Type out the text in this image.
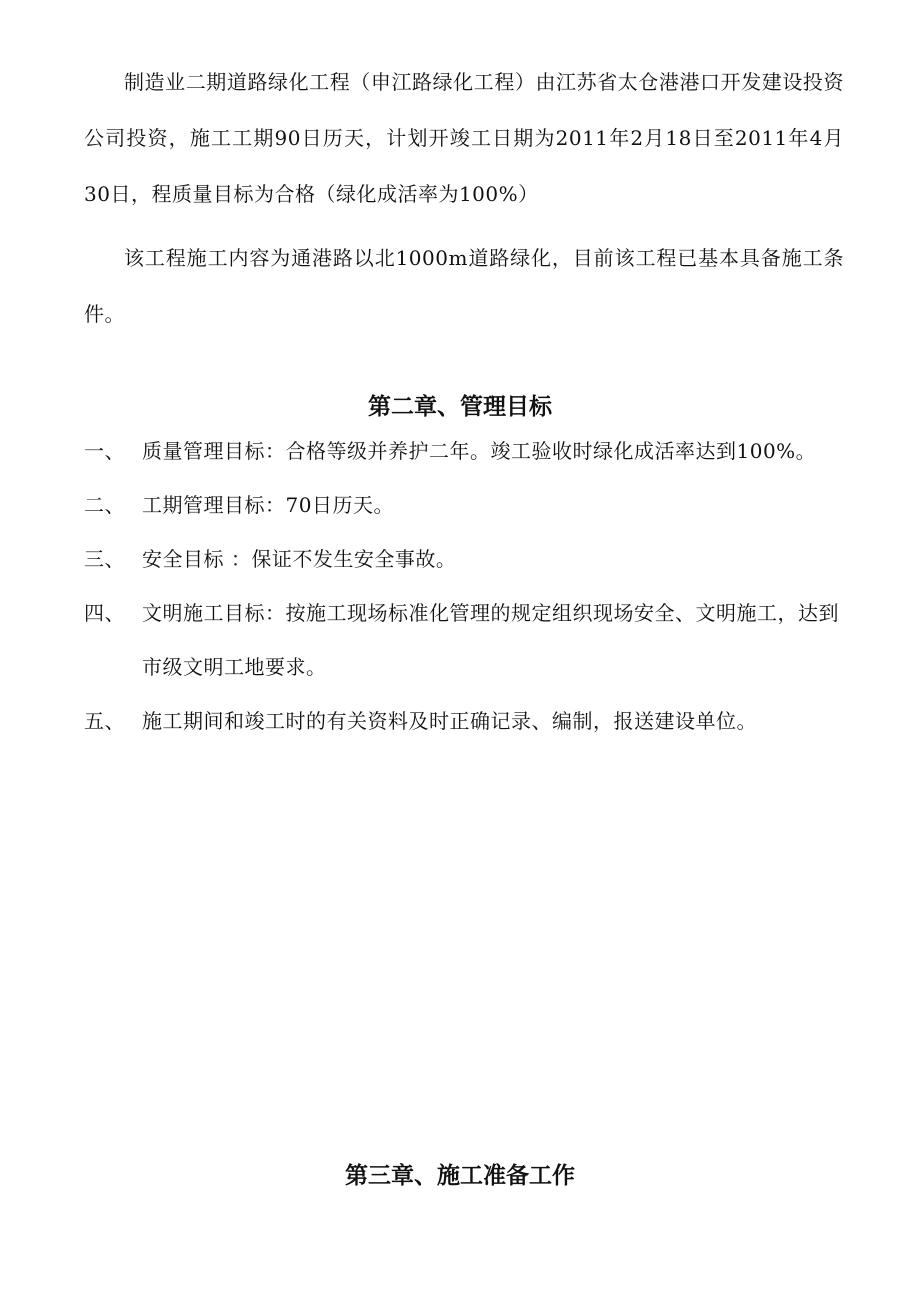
制造业二期道路绿化工程（申江路绿化工程）由江苏省太仓港港口开发建设投资公司投资，施工工期90日历天，计划开竣工日期为2011年2月18日至2011年4月30日，程质量目标为合格（绿化成活率为100%）

该工程施工内容为通港路以北1000m道路绿化，目前该工程已基本具备施工条件。

第二章、管理目标
一、 质量管理目标：合格等级并养护二年。竣工验收时绿化成活率达到100%。
二、 工期管理目标：70日历天。
三、 安全目标 ：保证不发生安全事故。
四、 文明施工目标：按施工现场标准化管理的规定组织现场安全、文明施工，达到市级文明工地要求。
五、 施工期间和竣工时的有关资料及时正确记录、编制，报送建设单位。
第三章、施工准备工作
